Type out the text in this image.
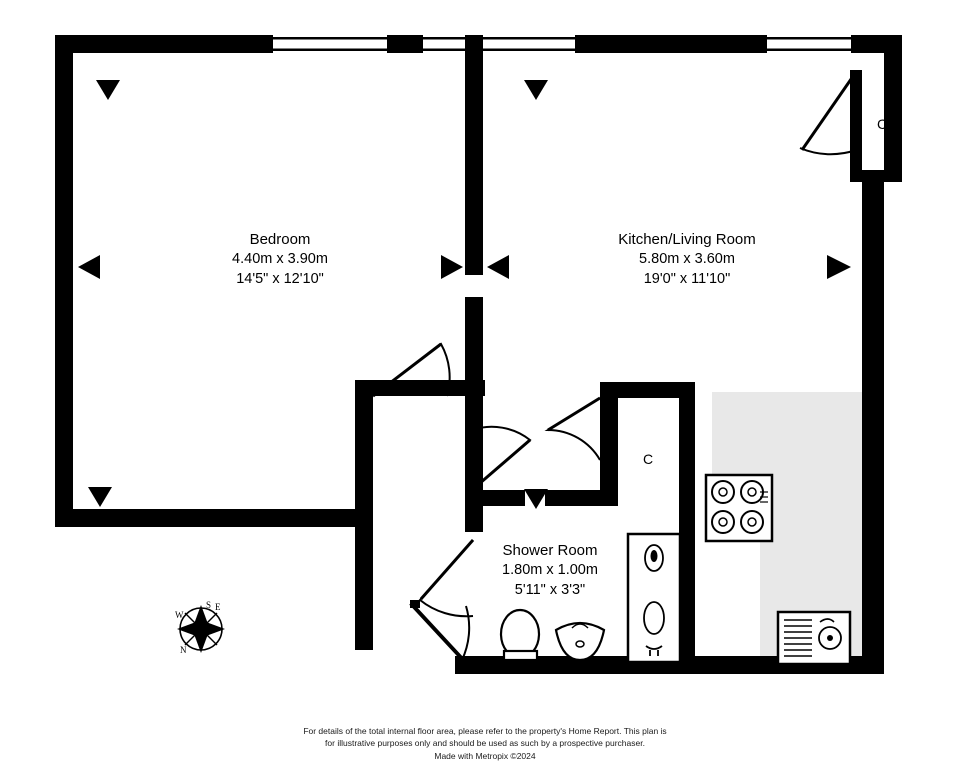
Bedroom
4.40m x 3.90m
14'5" x 12'10"
Kitchen/Living Room
5.80m x 3.60m
19'0" x 11'10"
Shower Room
1.80m x 1.00m
5'11" x 3'3"
C
C
N
E
S
W
For details of the total internal floor area, please refer to the property's Home Report. This plan is
for illustrative purposes only and should be used as such by a prospective purchaser.
Made with Metropix ©2024
